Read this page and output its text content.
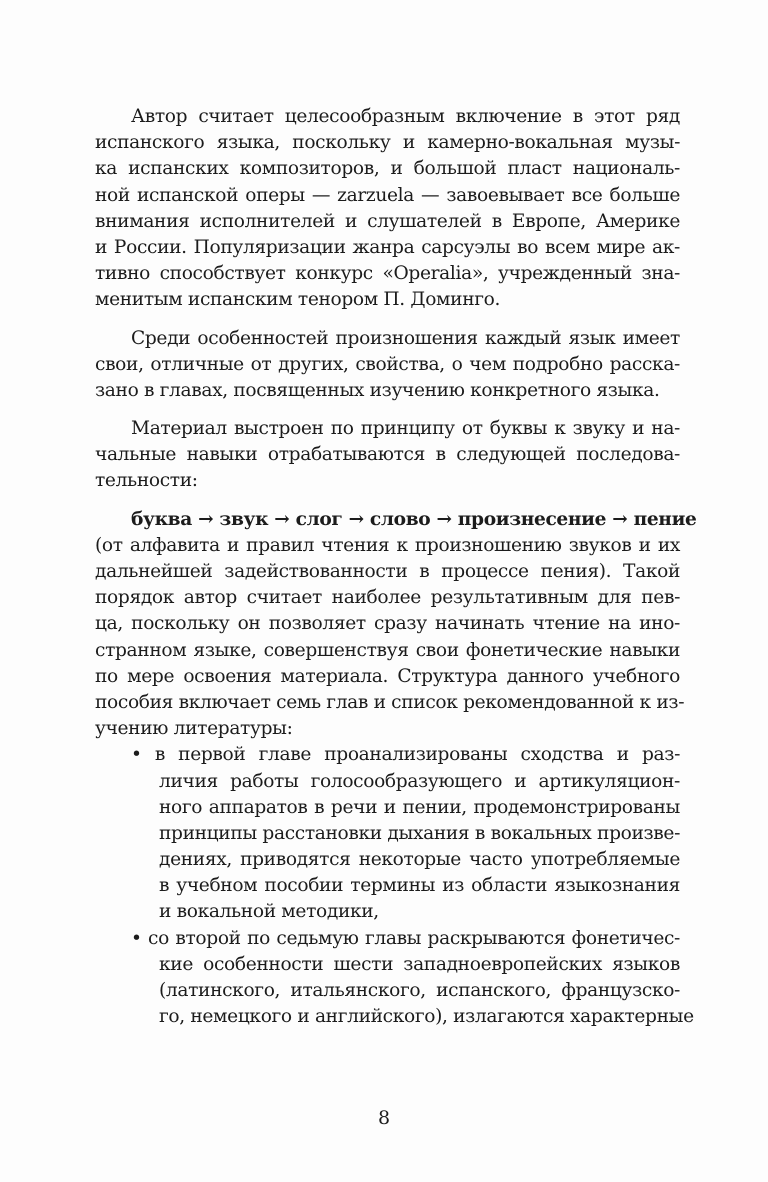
Автор считает целесообразным включение в этот ряд
испанского языка, поскольку и камерно-вокальная музы-
ка испанских композиторов, и большой пласт националь-
ной испанской оперы — zarzuela — завоевывает все больше
внимания исполнителей и слушателей в Европе, Америке
и России. Популяризации жанра сарсуэлы во всем мире ак-
тивно способствует конкурс «Operalia», учрежденный зна-
менитым испанским тенором П. Доминго.
Среди особенностей произношения каждый язык имеет
свои, отличные от других, свойства, о чем подробно расска-
зано в главах, посвященных изучению конкретного языка.
Материал выстроен по принципу от буквы к звуку и на-
чальные навыки отрабатываются в следующей последова-
тельности:
буква → звук → слог → слово → произнесение → пение
(от алфавита и правил чтения к произношению звуков и их
дальнейшей задействованности в процессе пения). Такой
порядок автор считает наиболее результативным для пев-
ца, поскольку он позволяет сразу начинать чтение на ино-
странном языке, совершенствуя свои фонетические навыки
по мере освоения материала. Структура данного учебного
пособия включает семь глав и список рекомендованной к из-
учению литературы:
• в первой главе проанализированы сходства и раз-
личия работы голосообразующего и артикуляцион-
ного аппаратов в речи и пении, продемонстрированы
принципы расстановки дыхания в вокальных произве-
дениях, приводятся некоторые часто употребляемые
в учебном пособии термины из области языкознания
и вокальной методики,
• со второй по седьмую главы раскрываются фонетичес-
кие особенности шести западноевропейских языков
(латинского, итальянского, испанского, французско-
го, немецкого и английского), излагаются характерные
8
